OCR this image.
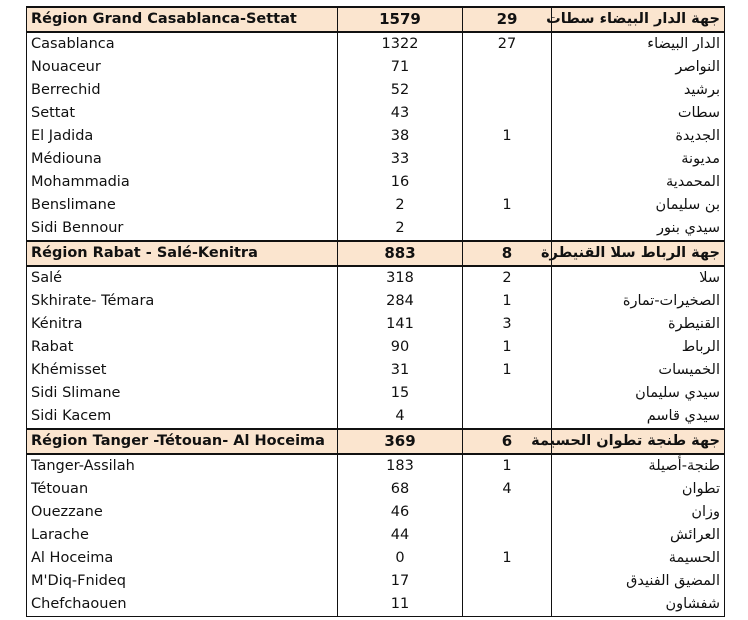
Région Grand Casablanca-Settat	1579	29	جهة الدار البيضاء سطات
Casablanca	1322	27	الدار البيضاء
Nouaceur	71		النواصر
Berrechid	52		برشيد
Settat	43		سطات
El Jadida	38	1	الجديدة
Médiouna	33		مديونة
Mohammadia	16		المحمدية
Benslimane	2	1	بن سليمان
Sidi Bennour	2		سيدي بنور
Région Rabat - Salé-Kenitra	883	8	جهة الرباط سلا القنيطرة
Salé	318	2	سلا
Skhirate- Témara	284	1	الصخيرات-تمارة
Kénitra	141	3	القنيطرة
Rabat	90	1	الرباط
Khémisset	31	1	الخميسات
Sidi Slimane	15		سيدي سليمان
Sidi Kacem	4		سيدي قاسم
Région Tanger -Tétouan- Al Hoceima	369	6	جهة طنجة تطوان الحسيمة
Tanger-Assilah	183	1	طنجة-أصيلة
Tétouan	68	4	تطوان
Ouezzane	46		وزان
Larache	44		العرائش
Al Hoceima	0	1	الحسيمة
M'Diq-Fnideq	17		المضيق الفنيدق
Chefchaouen	11		شفشاون
